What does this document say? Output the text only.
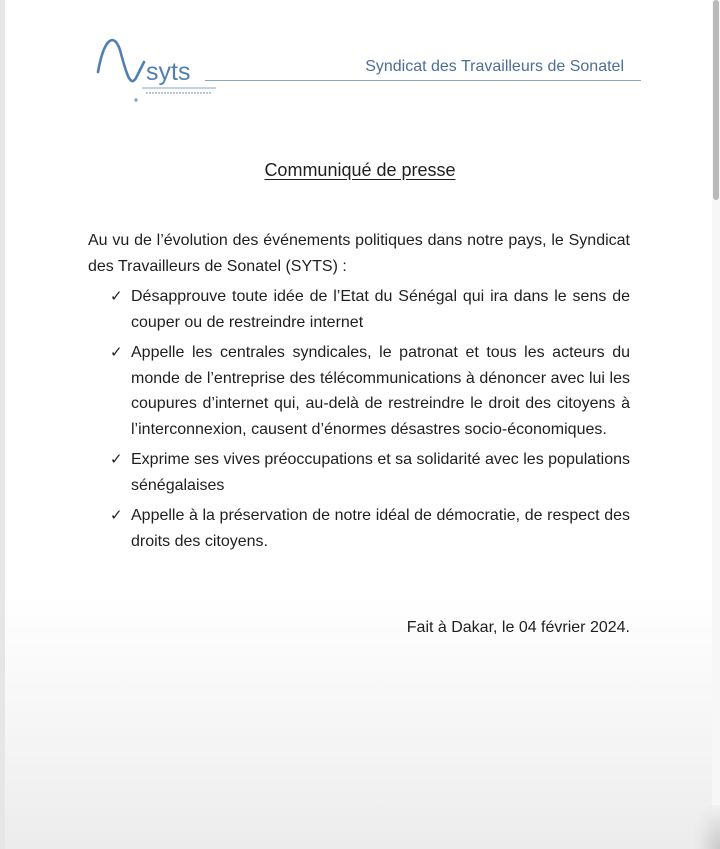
syts	Syndicat des Travailleurs de Sonatel
Communiqué de presse

Au vu de l’évolution des événements politiques dans notre pays, le Syndicat des Travailleurs de Sonatel (SYTS) :

✓ Désapprouve toute idée de l’Etat du Sénégal qui ira dans le sens de couper ou de restreindre internet
✓ Appelle les centrales syndicales, le patronat et tous les acteurs du monde de l’entreprise des télécommunications à dénoncer avec lui les coupures d’internet qui, au-delà de restreindre le droit des citoyens à l’interconnexion, causent d’énormes désastres socio-économiques.
✓ Exprime ses vives préoccupations et sa solidarité avec les populations sénégalaises
✓ Appelle à la préservation de notre idéal de démocratie, de respect des droits des citoyens.
Fait à Dakar, le 04 février 2024.
